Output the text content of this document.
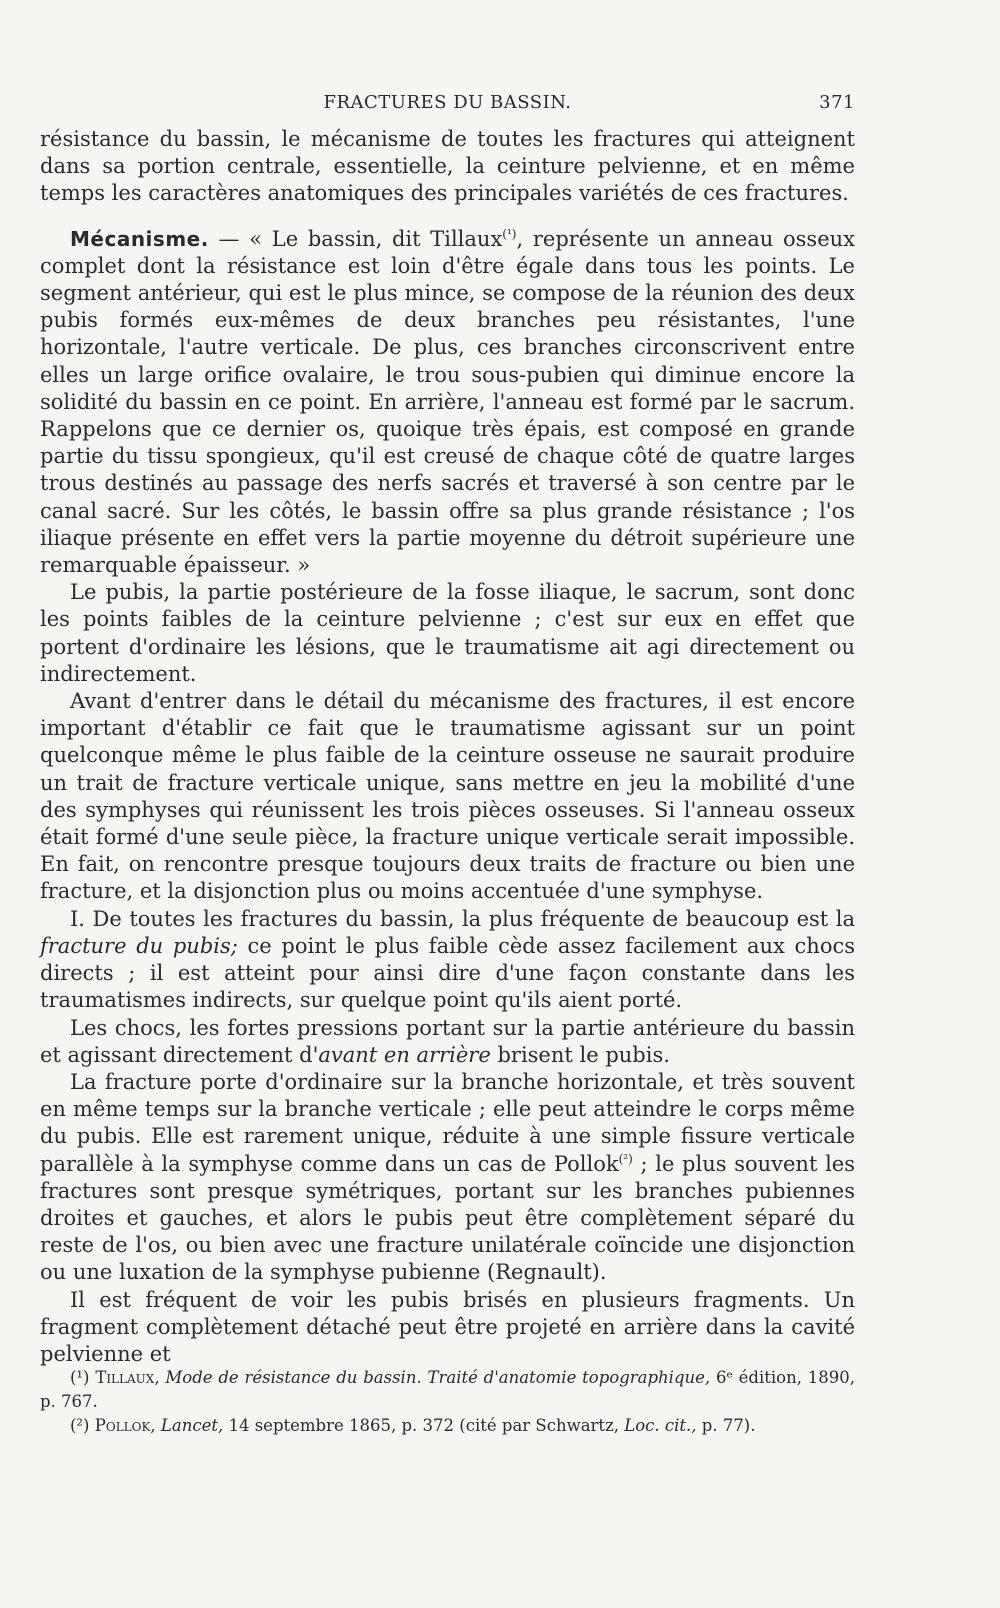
FRACTURES DU BASSIN.	371

résistance du bassin, le mécanisme de toutes les fractures qui atteignent dans sa portion centrale, essentielle, la ceinture pelvienne, et en même temps les caractères anatomiques des principales variétés de ces fractures.

Mécanisme. — « Le bassin, dit Tillaux$^{(^1)}$, représente un anneau osseux complet dont la résistance est loin d'être égale dans tous les points. Le segment antérieur, qui est le plus mince, se compose de la réunion des deux pubis formés eux-mêmes de deux branches peu résistantes, l'une horizontale, l'autre verticale. De plus, ces branches circonscrivent entre elles un large orifice ovalaire, le trou sous-pubien qui diminue encore la solidité du bassin en ce point. En arrière, l'anneau est formé par le sacrum. Rappelons que ce dernier os, quoique très épais, est composé en grande partie du tissu spongieux, qu'il est creusé de chaque côté de quatre larges trous destinés au passage des nerfs sacrés et traversé à son centre par le canal sacré. Sur les côtés, le bassin offre sa plus grande résistance ; l'os iliaque présente en effet vers la partie moyenne du détroit supérieure une remarquable épaisseur. »

Le pubis, la partie postérieure de la fosse iliaque, le sacrum, sont donc les points faibles de la ceinture pelvienne ; c'est sur eux en effet que portent d'ordinaire les lésions, que le traumatisme ait agi directement ou indirectement.

Avant d'entrer dans le détail du mécanisme des fractures, il est encore important d'établir ce fait que le traumatisme agissant sur un point quelconque même le plus faible de la ceinture osseuse ne saurait produire un trait de fracture verticale unique, sans mettre en jeu la mobilité d'une des symphyses qui réunissent les trois pièces osseuses. Si l'anneau osseux était formé d'une seule pièce, la fracture unique verticale serait impossible. En fait, on rencontre presque toujours deux traits de fracture ou bien une fracture, et la disjonction plus ou moins accentuée d'une symphyse.

I. De toutes les fractures du bassin, la plus fréquente de beaucoup est la fracture du pubis; ce point le plus faible cède assez facilement aux chocs directs ; il est atteint pour ainsi dire d'une façon constante dans les traumatismes indirects, sur quelque point qu'ils aient porté.

Les chocs, les fortes pressions portant sur la partie antérieure du bassin et agissant directement d'avant en arrière brisent le pubis.

La fracture porte d'ordinaire sur la branche horizontale, et très souvent en même temps sur la branche verticale ; elle peut atteindre le corps même du pubis. Elle est rarement unique, réduite à une simple fissure verticale parallèle à la symphyse comme dans un cas de Pollok$^{(^2)}$ ; le plus souvent les fractures sont presque symétriques, portant sur les branches pubiennes droites et gauches, et alors le pubis peut être complètement séparé du reste de l'os, ou bien avec une fracture unilatérale coïncide une disjonction ou une luxation de la symphyse pubienne (Regnault).

Il est fréquent de voir les pubis brisés en plusieurs fragments. Un fragment complètement détaché peut être projeté en arrière dans la cavité pelvienne et

(¹) Tillaux, Mode de résistance du bassin. Traité d'anatomie topographique, 6ᵉ édition, 1890, p. 767.

(²) Pollok, Lancet, 14 septembre 1865, p. 372 (cité par Schwartz, Loc. cit., p. 77).
